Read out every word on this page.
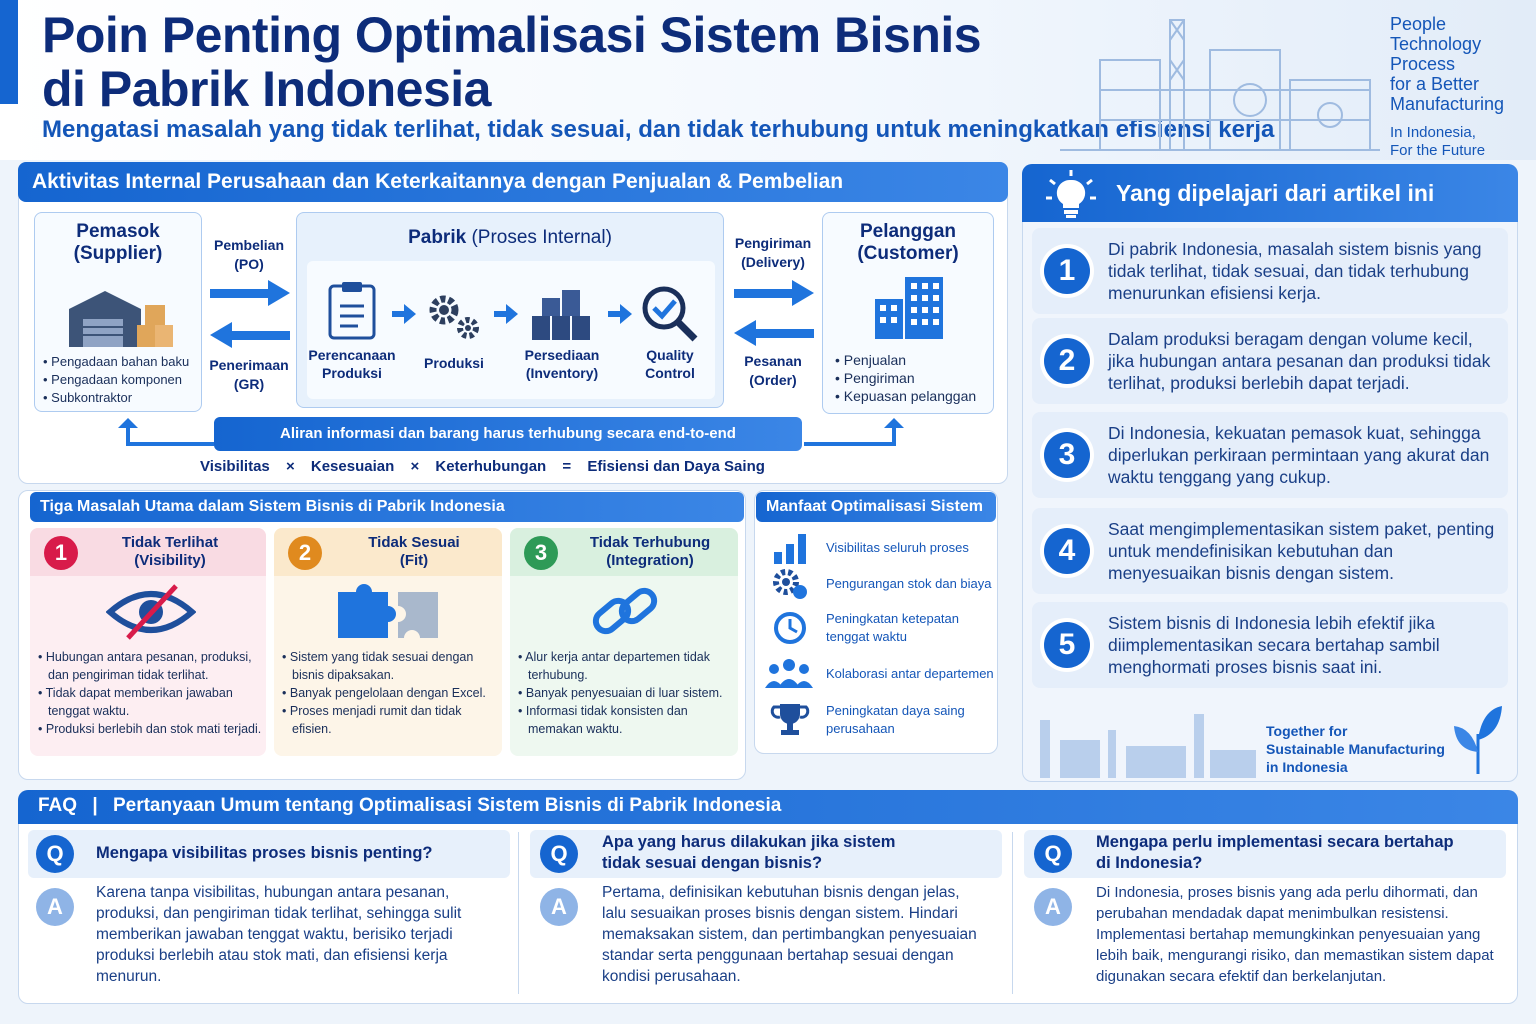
Poin Penting Optimalisasi Sistem Bisnis
di Pabrik Indonesia
Mengatasi masalah yang tidak terlihat, tidak sesuai, dan tidak terhubung untuk meningkatkan efisiensi kerja
People
Technology
Process
for a Better
Manufacturing
In Indonesia,
For the Future
Aktivitas Internal Perusahaan dan Keterkaitannya dengan Penjualan & Pembelian
Pemasok
(Supplier)
• Pengadaan bahan baku
• Pengadaan komponen
• Subkontraktor
Pembelian
(PO)
Penerimaan
(GR)
Pabrik (Proses Internal)
Perencanaan
Produksi
Produksi	Persediaan
(Inventory)
Quality
Control
Pengiriman
(Delivery)
Pesanan
(Order)
Pelanggan
(Customer)
• Penjualan
• Pengiriman
• Kepuasan pelanggan
Aliran informasi dan barang harus terhubung secara end-to-end
Visibilitas × Kesesuaian × Keterhubungan = Efisiensi dan Daya Saing
Tiga Masalah Utama dalam Sistem Bisnis di Pabrik Indonesia
1	Tidak Terlihat
(Visibility)
• Hubungan antara pesanan, produksi, dan pengiriman tidak terlihat.
• Tidak dapat memberikan jawaban tenggat waktu.
• Produksi berlebih dan stok mati terjadi.
2	Tidak Sesuai
(Fit)
• Sistem yang tidak sesuai dengan bisnis dipaksakan.
• Banyak pengelolaan dengan Excel.
• Proses menjadi rumit dan tidak efisien.
3	Tidak Terhubung
(Integration)
• Alur kerja antar departemen tidak terhubung.
• Banyak penyesuaian di luar sistem.
• Informasi tidak konsisten dan memakan waktu.
Manfaat Optimalisasi Sistem
Visibilitas seluruh proses
Pengurangan stok dan biaya
Peningkatan ketepatan tenggat waktu
Kolaborasi antar departemen
Peningkatan daya saing perusahaan
Yang dipelajari dari artikel ini
1
Di pabrik Indonesia, masalah sistem bisnis yang tidak terlihat, tidak sesuai, dan tidak terhubung menurunkan efisiensi kerja.
2
Dalam produksi beragam dengan volume kecil, jika hubungan antara pesanan dan produksi tidak terlihat, produksi berlebih dapat terjadi.
3
Di Indonesia, kekuatan pemasok kuat, sehingga diperlukan perkiraan permintaan yang akurat dan waktu tenggang yang cukup.
4
Saat mengimplementasikan sistem paket, penting untuk mendefinisikan kebutuhan dan menyesuaikan bisnis dengan sistem.
5
Sistem bisnis di Indonesia lebih efektif jika diimplementasikan secara bertahap sambil menghormati proses bisnis saat ini.
Together for
Sustainable Manufacturing
in Indonesia
FAQ | Pertanyaan Umum tentang Optimalisasi Sistem Bisnis di Pabrik Indonesia
Q	Mengapa visibilitas proses bisnis penting?
A
Karena tanpa visibilitas, hubungan antara pesanan, produksi, dan pengiriman tidak terlihat, sehingga sulit memberikan jawaban tenggat waktu, berisiko terjadi produksi berlebih atau stok mati, dan efisiensi kerja menurun.
Q	Apa yang harus dilakukan jika sistem tidak sesuai dengan bisnis?
A
Pertama, definisikan kebutuhan bisnis dengan jelas, lalu sesuaikan proses bisnis dengan sistem. Hindari memaksakan sistem, dan pertimbangkan penyesuaian standar serta penggunaan bertahap sesuai dengan kondisi perusahaan.
Q	Mengapa perlu implementasi secara bertahap di Indonesia?
A
Di Indonesia, proses bisnis yang ada perlu dihormati, dan perubahan mendadak dapat menimbulkan resistensi. Implementasi bertahap memungkinkan penyesuaian yang lebih baik, mengurangi risiko, dan memastikan sistem dapat digunakan secara efektif dan berkelanjutan.
